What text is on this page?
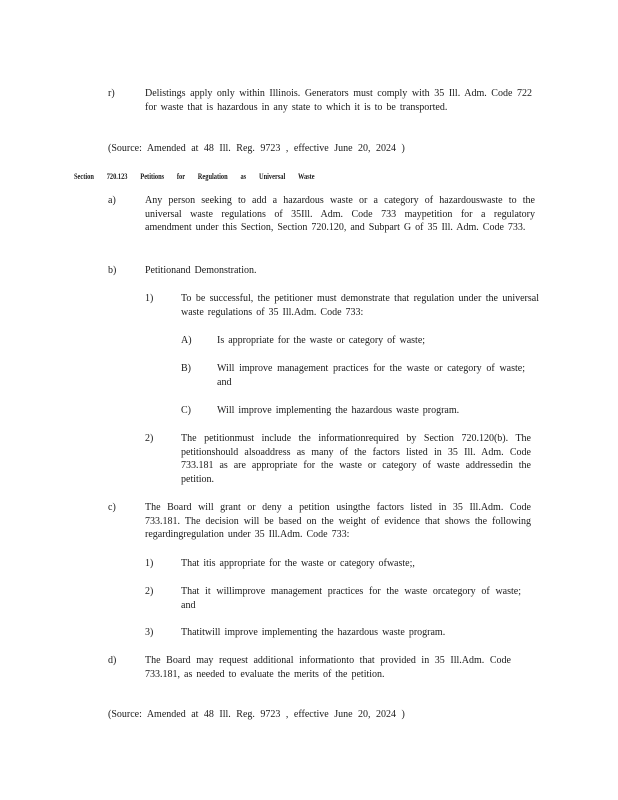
r)	Delistings apply only within Illinois. Generators must comply with 35 Ill. Adm. Code 722 for waste that is hazardous in any state to which it is to be transported.
(Source: Amended at 48 Ill. Reg. 9723 , effective June 20, 2024 )
Section 720.123 Petitions for Regulation as Universal Waste
a)	Any person seeking to add a hazardous waste or a category of hazardouswaste to the universal waste regulations of 35Ill. Adm. Code 733 maypetition for a regulatory amendment under this Section, Section 720.120, and Subpart G of 35 Ill. Adm. Code 733.
b)	Petitionand Demonstration.
1)	To be successful, the petitioner must demonstrate that regulation under the universal waste regulations of 35 Ill.Adm. Code 733:
A)	Is appropriate for the waste or category of waste;
B)	Will improve management practices for the waste or category of waste; and
C)	Will improve implementing the hazardous waste program.
2)	The petitionmust include the informationrequired by Section 720.120(b). The petitionshould alsoaddress as many of the factors listed in 35 Ill. Adm. Code 733.181 as are appropriate for the waste or category of waste addressedin the petition.
c)	The Board will grant or deny a petition usingthe factors listed in 35 Ill.Adm. Code 733.181. The decision will be based on the weight of evidence that shows the following regardingregulation under 35 Ill.Adm. Code 733:
1)	That itis appropriate for the waste or category ofwaste;,
2)	That it willimprove management practices for the waste orcategory of waste; and
3)	Thatitwill improve implementing the hazardous waste program.
d)	The Board may request additional informationto that provided in 35 Ill.Adm. Code 733.181, as needed to evaluate the merits of the petition.
(Source: Amended at 48 Ill. Reg. 9723 , effective June 20, 2024 )
